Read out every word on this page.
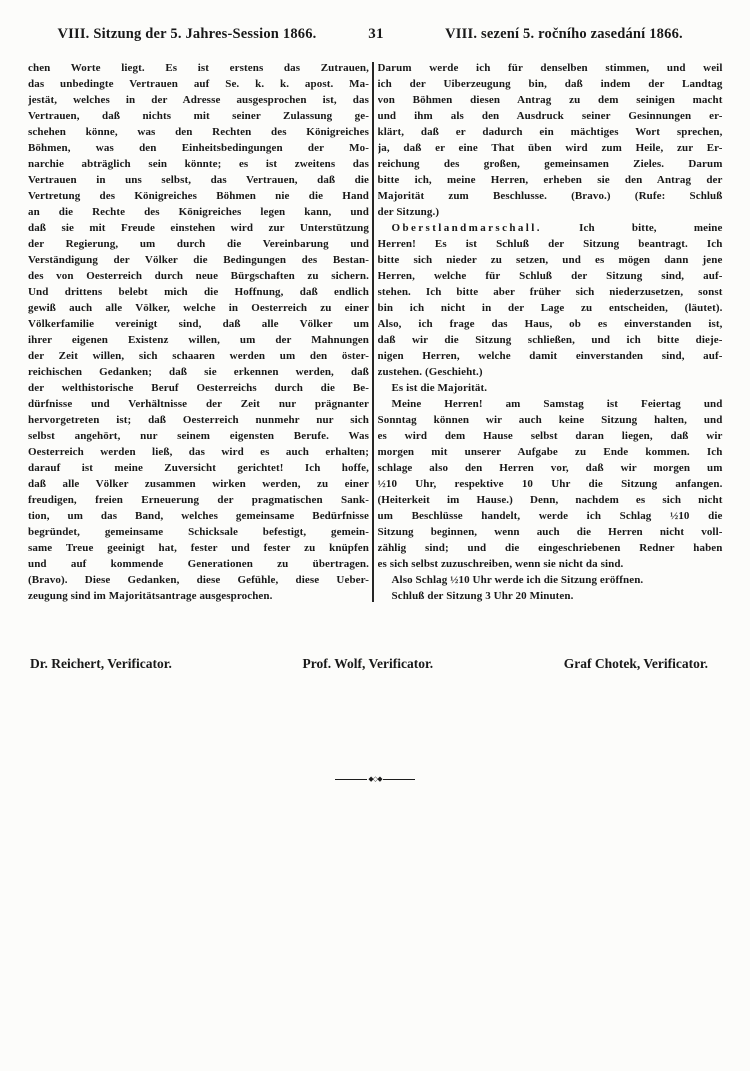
VIII. Sitzung der 5. Jahres-Session 1866.	31	VIII. sezení 5. ročního zasedání 1866.
chen Worte liegt. Es ist erstens das Zutrauen,
das unbedingte Vertrauen auf Se. k. k. apost. Ma-
jestät, welches in der Adresse ausgesprochen ist, das
Vertrauen, daß nichts mit seiner Zulassung ge-
schehen könne, was den Rechten des Königreiches
Böhmen, was den Einheitsbedingungen der Mo-
narchie abträglich sein könnte; es ist zweitens das
Vertrauen in uns selbst, das Vertrauen, daß die
Vertretung des Königreiches Böhmen nie die Hand
an die Rechte des Königreiches legen kann, und
daß sie mit Freude einstehen wird zur Unterstützung
der Regierung, um durch die Vereinbarung und
Verständigung der Völker die Bedingungen des Bestan-
des von Oesterreich durch neue Bürgschaften zu sichern.
Und drittens belebt mich die Hoffnung, daß endlich
gewiß auch alle Völker, welche in Oesterreich zu einer
Völkerfamilie vereinigt sind, daß alle Völker um
ihrer eigenen Existenz willen, um der Mahnungen
der Zeit willen, sich schaaren werden um den öster-
reichischen Gedanken; daß sie erkennen werden, daß
der welthistorische Beruf Oesterreichs durch die Be-
dürfnisse und Verhältnisse der Zeit nur prägnanter
hervorgetreten ist; daß Oesterreich nunmehr nur sich
selbst angehört, nur seinem eigensten Berufe. Was
Oesterreich werden ließ, das wird es auch erhalten;
darauf ist meine Zuversicht gerichtet! Ich hoffe,
daß alle Völker zusammen wirken werden, zu einer
freudigen, freien Erneuerung der pragmatischen Sank-
tion, um das Band, welches gemeinsame Bedürfnisse
begründet, gemeinsame Schicksale befestigt, gemein-
same Treue geeinigt hat, fester und fester zu knüpfen
und auf kommende Generationen zu übertragen.
(Bravo). Diese Gedanken, diese Gefühle, diese Ueber-
zeugung sind im Majoritätsantrage ausgesprochen.
Darum werde ich für denselben stimmen, und weil
ich der Uiberzeugung bin, daß indem der Landtag
von Böhmen diesen Antrag zu dem seinigen macht
und ihm als den Ausdruck seiner Gesinnungen er-
klärt, daß er dadurch ein mächtiges Wort sprechen,
ja, daß er eine That üben wird zum Heile, zur Er-
reichung des großen, gemeinsamen Zieles. Darum
bitte ich, meine Herren, erheben sie den Antrag der
Majorität zum Beschlusse. (Bravo.) (Rufe: Schluß
der Sitzung.)
Oberstlandmarschall. Ich bitte, meine
Herren! Es ist Schluß der Sitzung beantragt. Ich
bitte sich nieder zu setzen, und es mögen dann jene
Herren, welche für Schluß der Sitzung sind, auf-
stehen. Ich bitte aber früher sich niederzusetzen, sonst
bin ich nicht in der Lage zu entscheiden, (läutet).
Also, ich frage das Haus, ob es einverstanden ist,
daß wir die Sitzung schließen, und ich bitte dieje-
nigen Herren, welche damit einverstanden sind, auf-
zustehen. (Geschieht.)
Es ist die Majorität.
Meine Herren! am Samstag ist Feiertag und
Sonntag können wir auch keine Sitzung halten, und
es wird dem Hause selbst daran liegen, daß wir
morgen mit unserer Aufgabe zu Ende kommen. Ich
schlage also den Herren vor, daß wir morgen um
½10 Uhr, respektive 10 Uhr die Sitzung anfangen.
(Heiterkeit im Hause.) Denn, nachdem es sich nicht
um Beschlüsse handelt, werde ich Schlag ½10 die
Sitzung beginnen, wenn auch die Herren nicht voll-
zählig sind; und die eingeschriebenen Redner haben
es sich selbst zuzuschreiben, wenn sie nicht da sind.
Also Schlag ½10 Uhr werde ich die Sitzung eröffnen.
Schluß der Sitzung 3 Uhr 20 Minuten.
Dr. Reichert, Verificator.	Prof. Wolf, Verificator.	Graf Chotek, Verificator.
◆◇◆
